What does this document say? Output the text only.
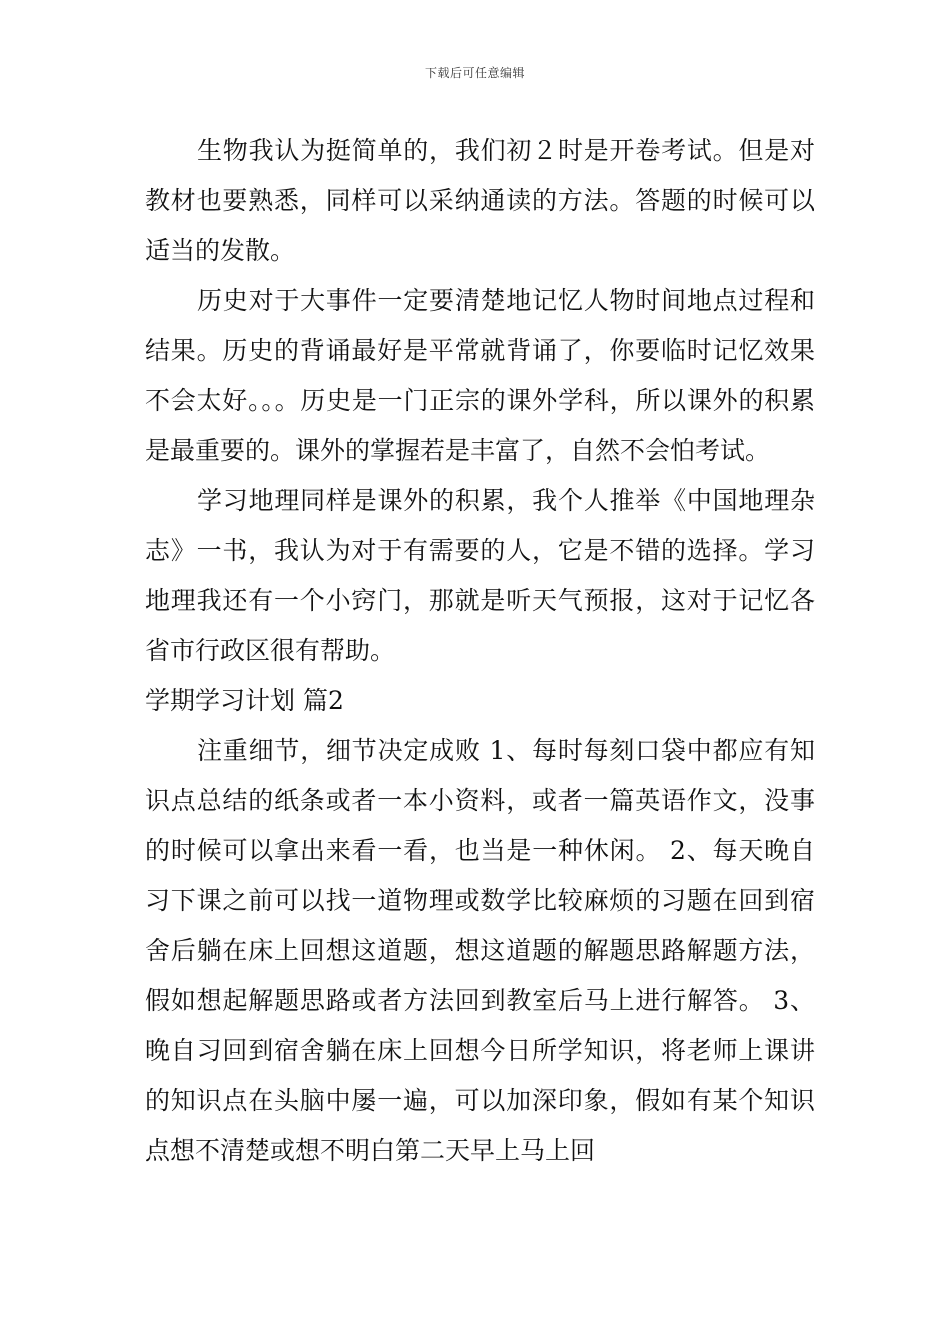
下载后可任意编辑

生物我认为挺简单的，我们初２时是开卷考试。但是对教材也要熟悉，同样可以采纳通读的方法。答题的时候可以适当的发散。

历史对于大事件一定要清楚地记忆人物时间地点过程和结果。历史的背诵最好是平常就背诵了，你要临时记忆效果不会太好。。。历史是一门正宗的课外学科，所以课外的积累是最重要的。课外的掌握若是丰富了，自然不会怕考试。

学习地理同样是课外的积累，我个人推举《中国地理杂志》一书，我认为对于有需要的人，它是不错的选择。学习地理我还有一个小窍门，那就是听天气预报，这对于记忆各省市行政区很有帮助。

学期学习计划 篇2

注重细节，细节决定成败 1、每时每刻口袋中都应有知识点总结的纸条或者一本小资料，或者一篇英语作文，没事的时候可以拿出来看一看，也当是一种休闲。 2、每天晚自习下课之前可以找一道物理或数学比较麻烦的习题在回到宿舍后躺在床上回想这道题，想这道题的解题思路解题方法，假如想起解题思路或者方法回到教室后马上进行解答。 3、晚自习回到宿舍躺在床上回想今日所学知识，将老师上课讲的知识点在头脑中屡一遍，可以加深印象，假如有某个知识点想不清楚或想不明白第二天早上马上回
